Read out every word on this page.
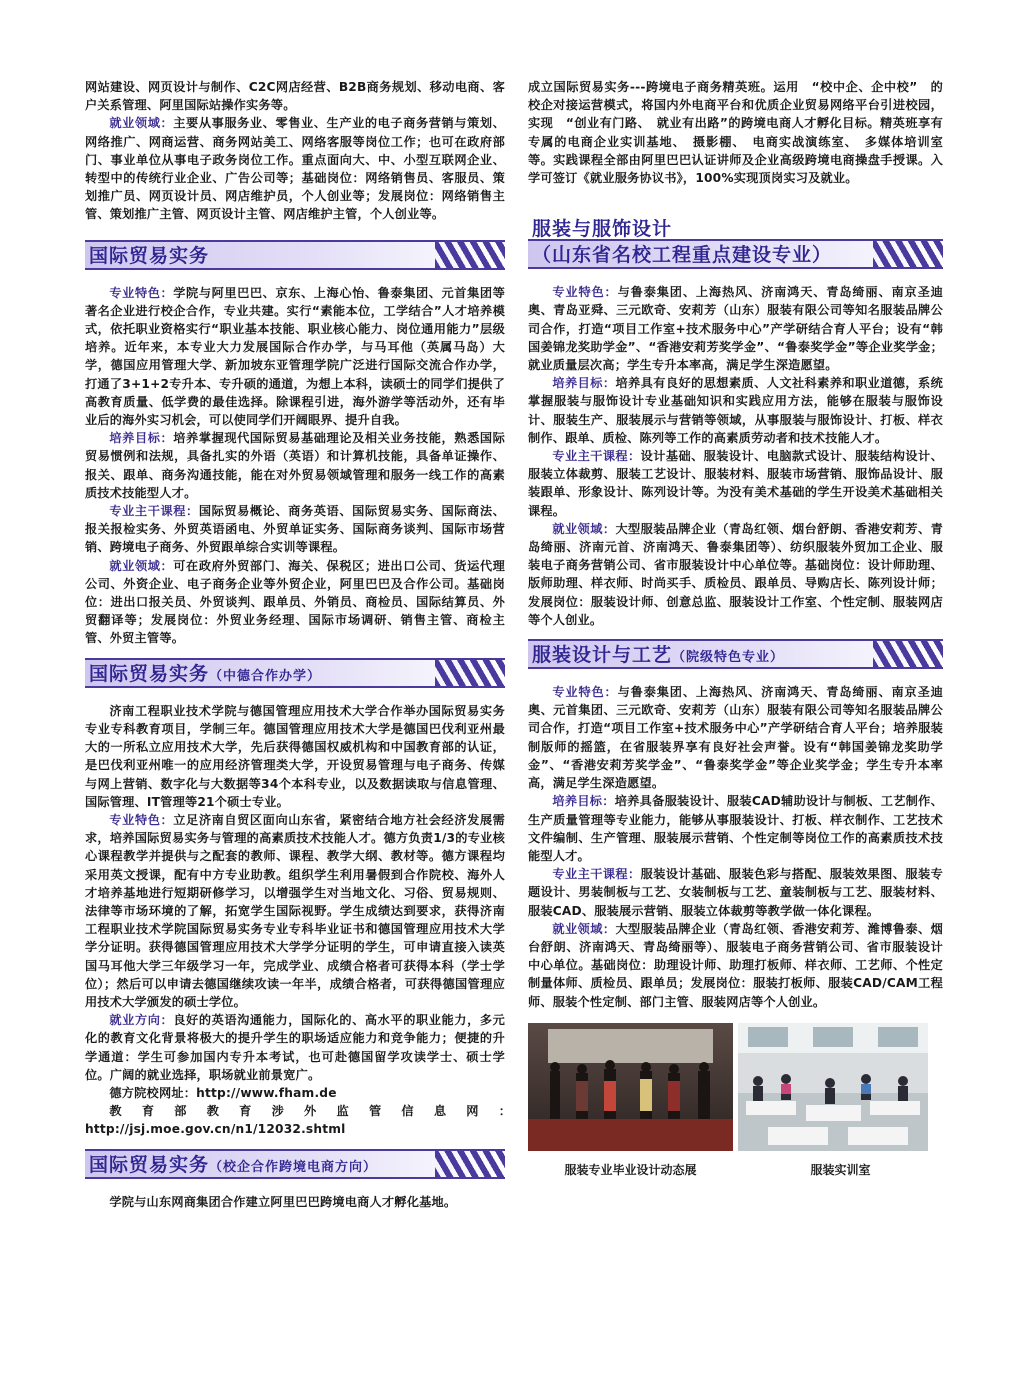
网站建设、网页设计与制作、C2C网店经营、B2B商务规划、移动电商、客户关系管理、阿里国际站操作实务等。

就业领域：主要从事服务业、零售业、生产业的电子商务营销与策划、网络推广、网商运营、商务网站美工、网络客服等岗位工作；也可在政府部门、事业单位从事电子政务岗位工作。重点面向大、中、小型互联网企业、转型中的传统行业企业、广告公司等；基础岗位：网络销售员、客服员、策划推广员、网页设计员、网店维护员，个人创业等；发展岗位：网络销售主管、策划推广主管、网页设计主管、网店维护主管，个人创业等。

国际贸易实务

专业特色：学院与阿里巴巴、京东、上海心怡、鲁泰集团、元首集团等著名企业进行校企合作，专业共建。实行“素能本位，工学结合”人才培养模式，依托职业资格实行“职业基本技能、职业核心能力、岗位通用能力”层级培养。近年来，本专业大力发展国际合作办学，与马耳他（英属马岛）大学，德国应用管理大学、新加坡东亚管理学院广泛进行国际交流合作办学，打通了3+1+2专升本、专升硕的通道，为想上本科，读硕士的同学们提供了高教育质量、低学费的最佳选择。除课程引进，海外游学等活动外，还有毕业后的海外实习机会，可以使同学们开阔眼界、提升自我。

培养目标：培养掌握现代国际贸易基础理论及相关业务技能，熟悉国际贸易惯例和法规，具备扎实的外语（英语）和计算机技能，具备单证操作、报关、跟单、商务沟通技能，能在对外贸易领域管理和服务一线工作的高素质技术技能型人才。

专业主干课程：国际贸易概论、商务英语、国际贸易实务、国际商法、报关报检实务、外贸英语函电、外贸单证实务、国际商务谈判、国际市场营销、跨境电子商务、外贸跟单综合实训等课程。

就业领域：可在政府外贸部门、海关、保税区；进出口公司、货运代理公司、外资企业、电子商务企业等外贸企业，阿里巴巴及合作公司。基础岗位：进出口报关员、外贸谈判、跟单员、外销员、商检员、国际结算员、外贸翻译等；发展岗位：外贸业务经理、国际市场调研、销售主管、商检主管、外贸主管等。

国际贸易实务（中德合作办学）

济南工程职业技术学院与德国管理应用技术大学合作举办国际贸易实务专业专科教育项目，学制三年。德国管理应用技术大学是德国巴伐利亚州最大的一所私立应用技术大学，先后获得德国权威机构和中国教育部的认证，是巴伐利亚州唯一的应用经济管理类大学，开设贸易管理与电子商务、传媒与网上营销、数字化与大数据等34个本科专业，以及数据读取与信息管理、国际管理、IT管理等21个硕士专业。

专业特色：立足济南自贸区面向山东省，紧密结合地方社会经济发展需求，培养国际贸易实务与管理的高素质技术技能人才。德方负责1/3的专业核心课程教学并提供与之配套的教师、课程、教学大纲、教材等。德方课程均采用英文授课，配有中方专业助教。组织学生利用暑假到合作院校、海外人才培养基地进行短期研修学习，以增强学生对当地文化、习俗、贸易规则、法律等市场环境的了解，拓宽学生国际视野。学生成绩达到要求，获得济南工程职业技术学院国际贸易实务专业专科毕业证书和德国管理应用技术大学学分证明。获得德国管理应用技术大学学分证明的学生，可申请直接入读英国马耳他大学三年级学习一年，完成学业、成绩合格者可获得本科（学士学位）；然后可以申请去德国继续攻读一年半，成绩合格者，可获得德国管理应用技术大学颁发的硕士学位。

就业方向：良好的英语沟通能力，国际化的、高水平的职业能力，多元化的教育文化背景将极大的提升学生的职场适应能力和竞争能力；便捷的升学通道：学生可参加国内专升本考试，也可赴德国留学攻读学士、硕士学位。广阔的就业选择，职场就业前景宽广。

德方院校网址：http://www.fham.de

教育部教育涉外监管信息网：　http://jsj.moe.gov.cn/n1/12032.shtml

国际贸易实务（校企合作跨境电商方向）

学院与山东网商集团合作建立阿里巴巴跨境电商人才孵化基地。

成立国际贸易实务---跨境电子商务精英班。运用　“校中企、企中校”　的校企对接运营模式，将国内外电商平台和优质企业贸易网络平台引进校园，实现　“创业有门路、　就业有出路”的跨境电商人才孵化目标。精英班享有专属的电商企业实训基地、　摄影棚、　电商实战演练室、　多媒体培训室等。实践课程全部由阿里巴巴认证讲师及企业高级跨境电商操盘手授课。入学可签订《就业服务协议书》，100%实现顶岗实习及就业。

服装与服饰设计
（山东省名校工程重点建设专业）

专业特色：与鲁泰集团、上海热风、济南鸿天、青岛绮丽、南京圣迪奥、青岛亚舜、三元欧奇、安莉芳（山东）服装有限公司等知名服装品牌公司合作，打造“项目工作室+技术服务中心”产学研结合育人平台；设有“韩国姜锦龙奖助学金”、“香港安莉芳奖学金”、“鲁泰奖学金”等企业奖学金；就业质量层次高；学生专升本率高，满足学生深造愿望。

培养目标：培养具有良好的思想素质、人文社科素养和职业道德，系统掌握服装与服饰设计专业基础知识和实践应用方法，能够在服装与服饰设计、服装生产、服装展示与营销等领域，从事服装与服饰设计、打板、样衣制作、跟单、质检、陈列等工作的高素质劳动者和技术技能人才。

专业主干课程：设计基础、服装设计、电脑款式设计、服装结构设计、服装立体裁剪、服装工艺设计、服装材料、服装市场营销、服饰品设计、服装跟单、形象设计、陈列设计等。为没有美术基础的学生开设美术基础相关课程。

就业领域：大型服装品牌企业（青岛红领、烟台舒朗、香港安莉芳、青岛绮丽、济南元首、济南鸿天、鲁泰集团等）、纺织服装外贸加工企业、服装电子商务营销公司、省市服装设计中心单位等。基础岗位：设计师助理、版师助理、样衣师、时尚买手、质检员、跟单员、导购店长、陈列设计师；发展岗位：服装设计师、创意总监、服装设计工作室、个性定制、服装网店等个人创业。

服装设计与工艺（院级特色专业）

专业特色：与鲁泰集团、上海热风、济南鸿天、青岛绮丽、南京圣迪奥、元首集团、三元欧奇、安莉芳（山东）服装有限公司等知名服装品牌公司合作，打造“项目工作室+技术服务中心”产学研结合育人平台；培养服装制版师的摇篮，在省服装界享有良好社会声誉。设有“韩国姜锦龙奖助学金”、“香港安莉芳奖学金”、“鲁泰奖学金”等企业奖学金；学生专升本率高，满足学生深造愿望。

培养目标：培养具备服装设计、服装CAD辅助设计与制板、工艺制作、生产质量管理等专业能力，能够从事服装设计、打板、样衣制作、工艺技术文件编制、生产管理、服装展示营销、个性定制等岗位工作的高素质技术技能型人才。

专业主干课程：服装设计基础、服装色彩与搭配、服装效果图、服装专题设计、男装制板与工艺、女装制板与工艺、童装制板与工艺、服装材料、服装CAD、服装展示营销、服装立体裁剪等教学做一体化课程。

就业领域：大型服装品牌企业（青岛红领、香港安莉芳、潍博鲁泰、烟台舒朗、济南鸿天、青岛绮丽等）、服装电子商务营销公司、省市服装设计中心单位。基础岗位：助理设计师、助理打板师、样衣师、工艺师、个性定制量体师、质检员、跟单员；发展岗位：服装打板师、服装CAD/CAM工程师、服装个性定制、部门主管、服装网店等个人创业。

服装专业毕业设计动态展	服装实训室
